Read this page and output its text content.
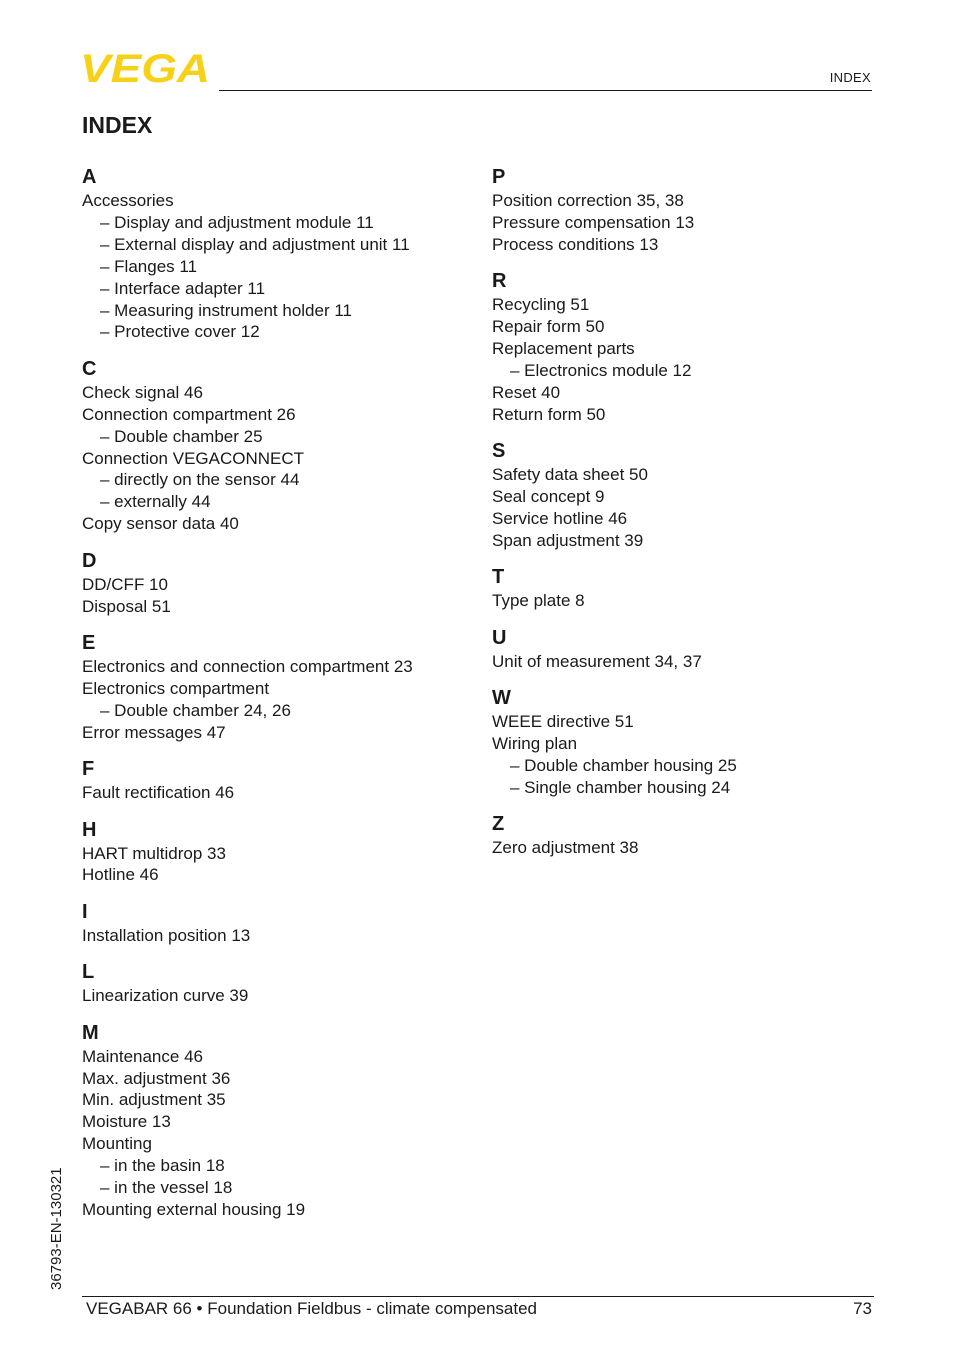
VEGA	INDEX
INDEX
A
Accessories
– Display and adjustment module 11
– External display and adjustment unit 11
– Flanges 11
– Interface adapter 11
– Measuring instrument holder 11
– Protective cover 12
C
Check signal 46
Connection compartment 26
– Double chamber 25
Connection VEGACONNECT
– directly on the sensor 44
– externally 44
Copy sensor data 40
D
DD/CFF 10
Disposal 51
E
Electronics and connection compartment 23
Electronics compartment
– Double chamber 24, 26
Error messages 47
F
Fault rectification 46
H
HART multidrop 33
Hotline 46
I
Installation position 13
L
Linearization curve 39
M
Maintenance 46
Max. adjustment 36
Min. adjustment 35
Moisture 13
Mounting
– in the basin 18
– in the vessel 18
Mounting external housing 19
P
Position correction 35, 38
Pressure compensation 13
Process conditions 13
R
Recycling 51
Repair form 50
Replacement parts
– Electronics module 12
Reset 40
Return form 50
S
Safety data sheet 50
Seal concept 9
Service hotline 46
Span adjustment 39
T
Type plate 8
U
Unit of measurement 34, 37
W
WEEE directive 51
Wiring plan
– Double chamber housing 25
– Single chamber housing 24
Z
Zero adjustment 38
36793-EN-130321
VEGABAR 66 • Foundation Fieldbus - climate compensated	73
